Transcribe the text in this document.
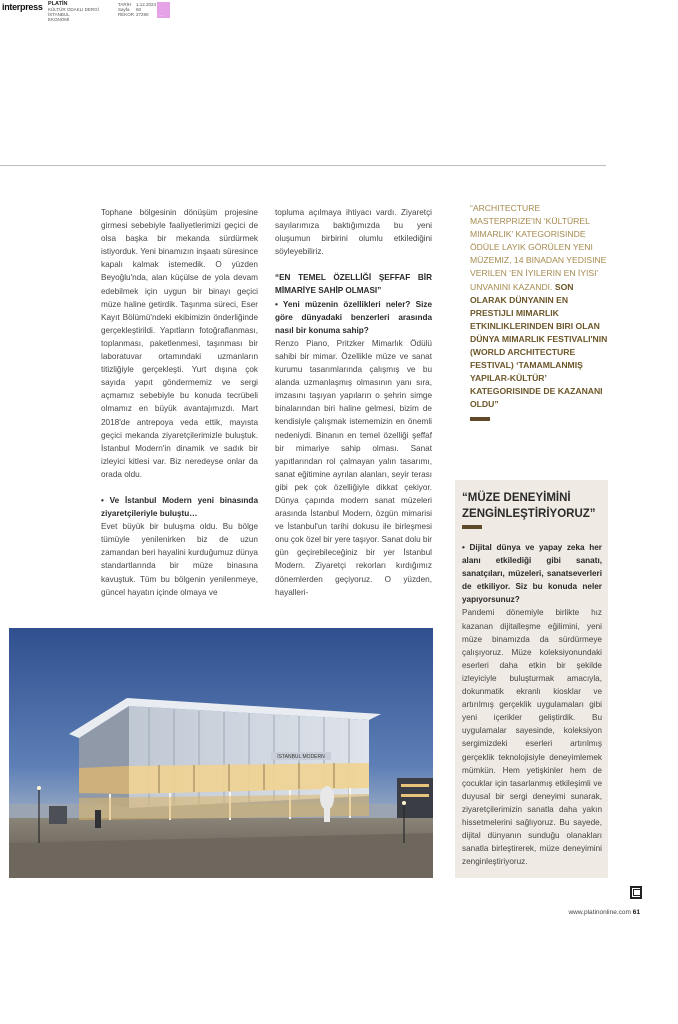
interpress PLATİN
KÜLTÜR ODAKLI DERGİ
İSTANBUL
EKONOMİ
TARİH	1.12.2024
Sayfa	60
REKOR	27290	---

Tophane bölgesinin dönüşüm projesine girmesi sebebiyle faaliyetlerimizi geçici de olsa başka bir mekanda sürdürmek istiyorduk. Yeni binamızın inşaatı süresince kapalı kalmak istemedik. O yüzden Beyoğlu'nda, alan küçülse de yola devam edebilmek için uygun bir binayı geçici müze haline getirdik. Taşınma süreci, Eser Kayıt Bölümü'ndeki ekibimizin önderliğinde gerçekleştirildi. Yapıtların fotoğraflanması, toplanması, paketlenmesi, taşınması bir laboratuvar ortamındaki uzmanların titizliğiyle gerçekleşti. Yurt dışına çok sayıda yapıt göndermemiz ve sergi açmamız sebebiyle bu konuda tecrübeli olmamız en büyük avantajımızdı. Mart 2018'de antrepoya veda ettik, mayısta geçici mekanda ziyaretçilerimizle buluştuk. İstanbul Modern'in dinamik ve sadık bir izleyici kitlesi var. Biz neredeyse onlar da orada oldu.

• Ve İstanbul Modern yeni binasında ziyaretçileriyle buluştu…

Evet büyük bir buluşma oldu. Bu bölge tümüyle yenilenirken biz de uzun zamandan beri hayalini kurduğumuz dünya standartlarında bir müze binasına kavuştuk. Tüm bu bölgenin yenilenmeye, güncel hayatın içinde olmaya ve

topluma açılmaya ihtiyacı vardı. Ziyaretçi sayılarımıza baktığımızda bu yeni oluşumun birbirini olumlu etkilediğini söyleyebiliriz.

“EN TEMEL ÖZELLİĞİ ŞEFFAF BİR MİMARİYE SAHİP OLMASI”

• Yeni müzenin özellikleri neler? Size göre dünyadaki benzerleri arasında nasıl bir konuma sahip?

Renzo Piano, Pritzker Mimarlık Ödülü sahibi bir mimar. Özellikle müze ve sanat kurumu tasarımlarında çalışmış ve bu alanda uzmanlaşmış olmasının yanı sıra, imzasını taşıyan yapıların o şehrin simge binalarından biri haline gelmesi, bizim de kendisiyle çalışmak istememizin en önemli nedeniydi. Binanın en temel özelliği şeffaf bir mimariye sahip olması. Sanat yapıtlarından rol çalmayan yalın tasarımı, sanat eğitimine ayrılan alanları, seyir terası gibi pek çok özelliğiyle dikkat çekiyor. Dünya çapında modern sanat müzeleri arasında İstanbul Modern, özgün mimarisi ve İstanbul'un tarihi dokusu ile birleşmesi onu çok özel bir yere taşıyor. Sanat dolu bir gün geçirebileceğiniz bir yer İstanbul Modern. Ziyaretçi rekorları kırdığımız dönemlerden geçiyoruz. O yüzden, hayalleri-

“ARCHITECTURE MASTERPRIZE'IN ‘KÜLTÜREL MIMARLIK’ KATEGORISINDE ÖDÜLE LAYIK GÖRÜLEN YENI MÜZEMIZ, 14 BINADAN YEDISINE VERILEN ‘EN İYILERIN EN İYISI’ UNVANINI KAZANDI. SON OLARAK DÜNYANIN EN PRESTIJLI MIMARLIK ETKINLIKLERINDEN BIRI OLAN DÜNYA MIMARLIK FESTIVALI'NIN (WORLD ARCHITECTURE FESTIVAL) ‘TAMAMLANMIŞ YAPILAR-KÜLTÜR’ KATEGORISINDE DE KAZANANI OLDU”
“MÜZE DENEYİMİNİ ZENGİNLEŞTİRİYORUZ”

• Dijital dünya ve yapay zeka her alanı etkilediği gibi sanatı, sanatçıları, müzeleri, sanatseverleri de etkiliyor. Siz bu konuda neler yapıyorsunuz?

Pandemi dönemiyle birlikte hız kazanan dijitalleşme eğilimini, yeni müze binamızda da sürdürmeye çalışıyoruz. Müze koleksiyonundaki eserleri daha etkin bir şekilde izleyiciyle buluşturmak amacıyla, dokunmatik ekranlı kiosklar ve artırılmış gerçeklik uygulamaları gibi yeni içerikler geliştirdik. Bu uygulamalar sayesinde, koleksiyon sergimizdeki eserleri artırılmış gerçeklik teknolojisiyle deneyimlemek mümkün. Hem yetişkinler hem de çocuklar için tasarlanmış etkileşimli ve duyusal bir sergi deneyimi sunarak, ziyaretçilerimizin sanatla daha yakın hissetmelerini sağlıyoruz. Bu sayede, dijital dünyanın sunduğu olanakları sanatla birleştirerek, müze deneyimini zenginleştiriyoruz.

İSTANBUL MODERN
www.platinonline.com 61
